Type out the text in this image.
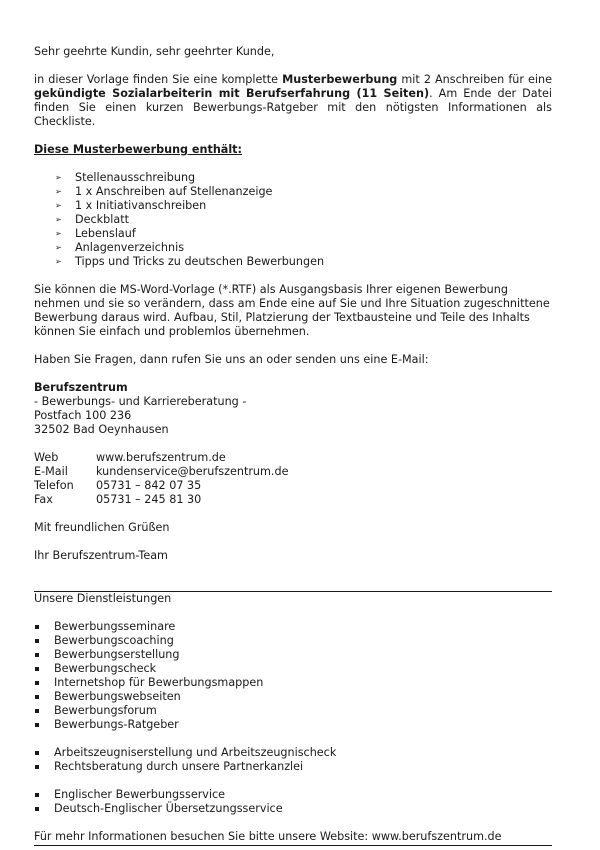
Sehr geehrte Kundin, sehr geehrter Kunde,

in dieser Vorlage finden Sie eine komplette Musterbewerbung mit 2 Anschreiben für eine gekündigte Sozialarbeiterin mit Berufserfahrung (11 Seiten). Am Ende der Datei finden Sie einen kurzen Bewerbungs-Ratgeber mit den nötigsten Informationen als Checkliste.

Diese Musterbewerbung enthält:

➢ Stellenausschreibung
➢ 1 x Anschreiben auf Stellenanzeige
➢ 1 x Initiativanschreiben
➢ Deckblatt
➢ Lebenslauf
➢ Anlagenverzeichnis
➢ Tipps und Tricks zu deutschen Bewerbungen

Sie können die MS-Word-Vorlage (*.RTF) als Ausgangsbasis Ihrer eigenen Bewerbung nehmen und sie so verändern, dass am Ende eine auf Sie und Ihre Situation zugeschnittene Bewerbung daraus wird. Aufbau, Stil, Platzierung der Textbausteine und Teile des Inhalts können Sie einfach und problemlos übernehmen.

Haben Sie Fragen, dann rufen Sie uns an oder senden uns eine E-Mail:

Berufszentrum

- Bewerbungs- und Karriereberatung -

Postfach 100 236

32502 Bad Oeynhausen

Web	www.berufszentrum.de
E-Mail	kundenservice@berufszentrum.de
Telefon	05731 – 842 07 35
Fax	05731 – 245 81 30

Mit freundlichen Grüßen

Ihr Berufszentrum-Team

Unsere Dienstleistungen

Bewerbungsseminare
Bewerbungscoaching
Bewerbungserstellung
Bewerbungscheck
Internetshop für Bewerbungsmappen
Bewerbungswebseiten
Bewerbungsforum
Bewerbungs-Ratgeber
Arbeitszeugniserstellung und Arbeitszeugnischeck
Rechtsberatung durch unsere Partnerkanzlei
Englischer Bewerbungsservice
Deutsch-Englischer Übersetzungsservice

Für mehr Informationen besuchen Sie bitte unsere Website: www.berufszentrum.de
